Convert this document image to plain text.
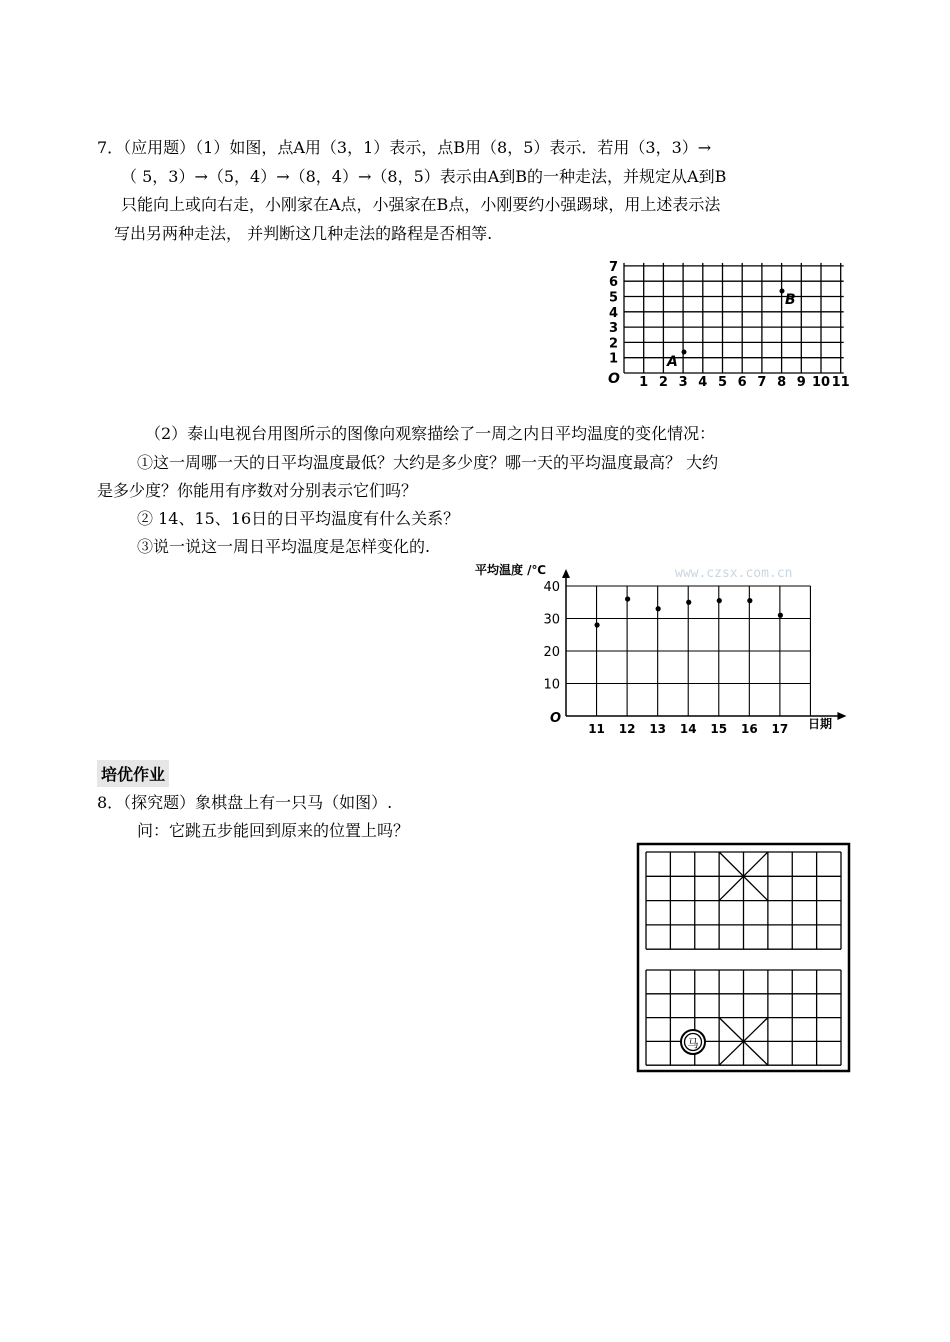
7．（应用题）（1）如图，点A用（3，1）表示，点B用（8，5）表示．若用（3，3）→
（ 5，3）→（5，4）→（8，4）→（8，5）表示由A到B的一种走法，并规定从A到B
只能向上或向右走，小刚家在A点，小强家在B点，小刚要约小强踢球，用上述表示法
写出另两种走法， 并判断这几种走法的路程是否相等.
1 2 3 4 5 6 7 8 9 10 11
1
2
3
4
5
6
7
A
B
O
（2）泰山电视台用图所示的图像向观察描绘了一周之内日平均温度的变化情况：
①这一周哪一天的日平均温度最低？大约是多少度？哪一天的平均温度最高？ 大约
是多少度？你能用有序数对分别表示它们吗？
② 14、15、16日的日平均温度有什么关系？
③说一说这一周日平均温度是怎样变化的.
www.czsx.com.cn
平均温度 /℃
10
20
30
40
11 12 13 14 15 16 17
O	日期
培优作业
8．（探究题）象棋盘上有一只马（如图）.
问：它跳五步能回到原来的位置上吗？
马
